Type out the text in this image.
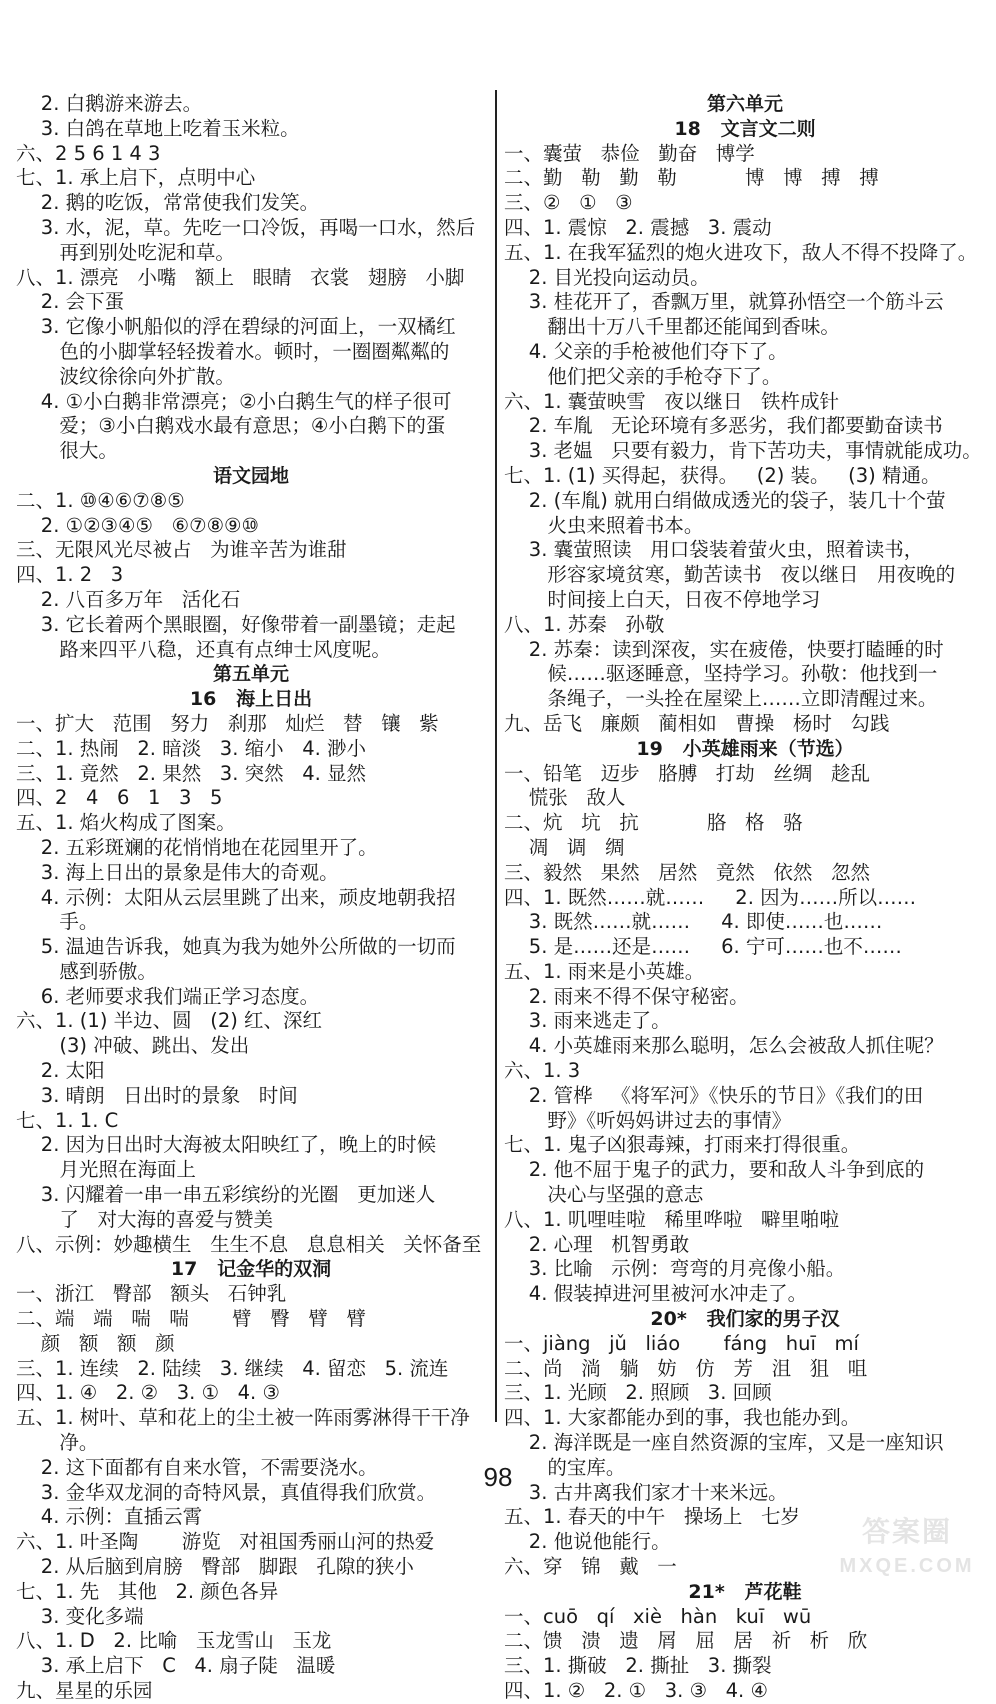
2. 白鹅游来游去。
3. 白鸽在草地上吃着玉米粒。
六、2 5 6 1 4 3
七、1. 承上启下，点明中心
2. 鹅的吃饭，常常使我们发笑。
3. 水，泥，草。先吃一口冷饭，再喝一口水，然后
再到别处吃泥和草。
八、1. 漂亮   小嘴   额上   眼睛   衣裳   翅膀   小脚
2. 会下蛋
3. 它像小帆船似的浮在碧绿的河面上，一双橘红
色的小脚掌轻轻拨着水。顿时，一圈圈粼粼的
波纹徐徐向外扩散。
4. ①小白鹅非常漂亮；②小白鹅生气的样子很可
爱；③小白鹅戏水最有意思；④小白鹅下的蛋
很大。
语文园地
二、1. ⑩④⑥⑦⑧⑤
2. ①②③④⑤   ⑥⑦⑧⑨⑩
三、无限风光尽被占   为谁辛苦为谁甜
四、1. 2   3
2. 八百多万年   活化石
3. 它长着两个黑眼圈，好像带着一副墨镜；走起
路来四平八稳，还真有点绅士风度呢。
第五单元
16   海上日出
一、扩大   范围   努力   刹那   灿烂   替   镶   紫
二、1. 热闹   2. 暗淡   3. 缩小   4. 渺小
三、1. 竟然   2. 果然   3. 突然   4. 显然
四、2   4   6   1   3   5
五、1. 焰火构成了图案。
2. 五彩斑斓的花悄悄地在花园里开了。
3. 海上日出的景象是伟大的奇观。
4. 示例：太阳从云层里跳了出来，顽皮地朝我招
手。
5. 温迪告诉我，她真为我为她外公所做的一切而
感到骄傲。
6. 老师要求我们端正学习态度。
六、1. (1) 半边、圆   (2) 红、深红
(3) 冲破、跳出、发出
2. 太阳
3. 晴朗   日出时的景象   时间
七、1. 1. C
2. 因为日出时大海被太阳映红了，晚上的时候
月光照在海面上
3. 闪耀着一串一串五彩缤纷的光圈   更加迷人
了   对大海的喜爱与赞美
八、示例：妙趣横生   生生不息   息息相关   关怀备至
17   记金华的双洞
一、浙江   臀部   额头   石钟乳
二、端   端   喘   喘       臂   臀   臂   臂
颜   额   额   颜
三、1. 连续   2. 陆续   3. 继续   4. 留恋   5. 流连
四、1. ④   2. ②   3. ①   4. ③
五、1. 树叶、草和花上的尘土被一阵雨雾淋得干干净
净。
2. 这下面都有自来水管，不需要浇水。
3. 金华双龙洞的奇特风景，真值得我们欣赏。
4. 示例：直插云霄
六、1. 叶圣陶       游览   对祖国秀丽山河的热爱
2. 从后脑到肩膀   臀部   脚跟   孔隙的狭小
七、1. 先   其他   2. 颜色各异
3. 变化多端
八、1. D   2. 比喻   玉龙雪山   玉龙
3. 承上启下   C   4. 扇子陡   温暖
九、星星的乐园
第六单元
18   文言文二则
一、囊萤   恭俭   勤奋   博学
二、勤   勒   勤   勒           博   博   搏   搏
三、②   ①   ③
四、1. 震惊   2. 震撼   3. 震动
五、1. 在我军猛烈的炮火进攻下，敌人不得不投降了。
2. 目光投向运动员。
3. 桂花开了，香飘万里，就算孙悟空一个筋斗云
翻出十万八千里都还能闻到香味。
4. 父亲的手枪被他们夺下了。
他们把父亲的手枪夺下了。
六、1. 囊萤映雪   夜以继日   铁杵成针
2. 车胤   无论环境有多恶劣，我们都要勤奋读书
3. 老媪   只要有毅力，肯下苦功夫，事情就能成功。
七、1. (1) 买得起，获得。   (2) 装。   (3) 精通。
2. (车胤) 就用白绢做成透光的袋子，装几十个萤
火虫来照着书本。
3. 囊萤照读   用口袋装着萤火虫，照着读书，
形容家境贫寒，勤苦读书   夜以继日   用夜晚的
时间接上白天，日夜不停地学习
八、1. 苏秦   孙敬
2. 苏秦：读到深夜，实在疲倦，快要打瞌睡的时
候……驱逐睡意，坚持学习。孙敬：他找到一
条绳子，一头拴在屋梁上……立即清醒过来。
九、岳飞   廉颇   蔺相如   曹操   杨时   勾践
19   小英雄雨来（节选）
一、铅笔   迈步   胳膊   打劫   丝绸   趁乱
慌张   敌人
二、炕   坑   抗           胳   格   骆
凋   调   绸
三、毅然   果然   居然   竟然   依然   忽然
四、1. 既然……就……     2. 因为……所以……
3. 既然……就……     4. 即使……也……
5. 是……还是……     6. 宁可……也不……
五、1. 雨来是小英雄。
2. 雨来不得不保守秘密。
3. 雨来逃走了。
4. 小英雄雨来那么聪明，怎么会被敌人抓住呢？
六、1. 3
2. 管桦   《将军河》《快乐的节日》《我们的田
野》《听妈妈讲过去的事情》
七、1. 鬼子凶狠毒辣，打雨来打得很重。
2. 他不屈于鬼子的武力，要和敌人斗争到底的
决心与坚强的意志
八、1. 叽哩哇啦   稀里哗啦   噼里啪啦
2. 心理   机智勇敢
3. 比喻   示例：弯弯的月亮像小船。
4. 假装掉进河里被河水冲走了。
20*   我们家的男子汉
一、jiàng   jǔ   liáo       fáng   huī   mí
二、尚   淌   躺   妨   仿   芳   沮   狙   咀
三、1. 光顾   2. 照顾   3. 回顾
四、1. 大家都能办到的事，我也能办到。
2. 海洋既是一座自然资源的宝库，又是一座知识
的宝库。
3. 古井离我们家才十来米远。
五、1. 春天的中午   操场上   七岁
2. 他说他能行。
六、穿   锦   戴   一
21*   芦花鞋
一、cuō   qí   xiè   hàn   kuī   wū
二、馈   溃   遗   屑   屈   居   祈   析   欣
三、1. 撕破   2. 撕扯   3. 撕裂
四、1. ②   2. ①   3. ③   4. ④
98
答案圈
MXQE.COM
